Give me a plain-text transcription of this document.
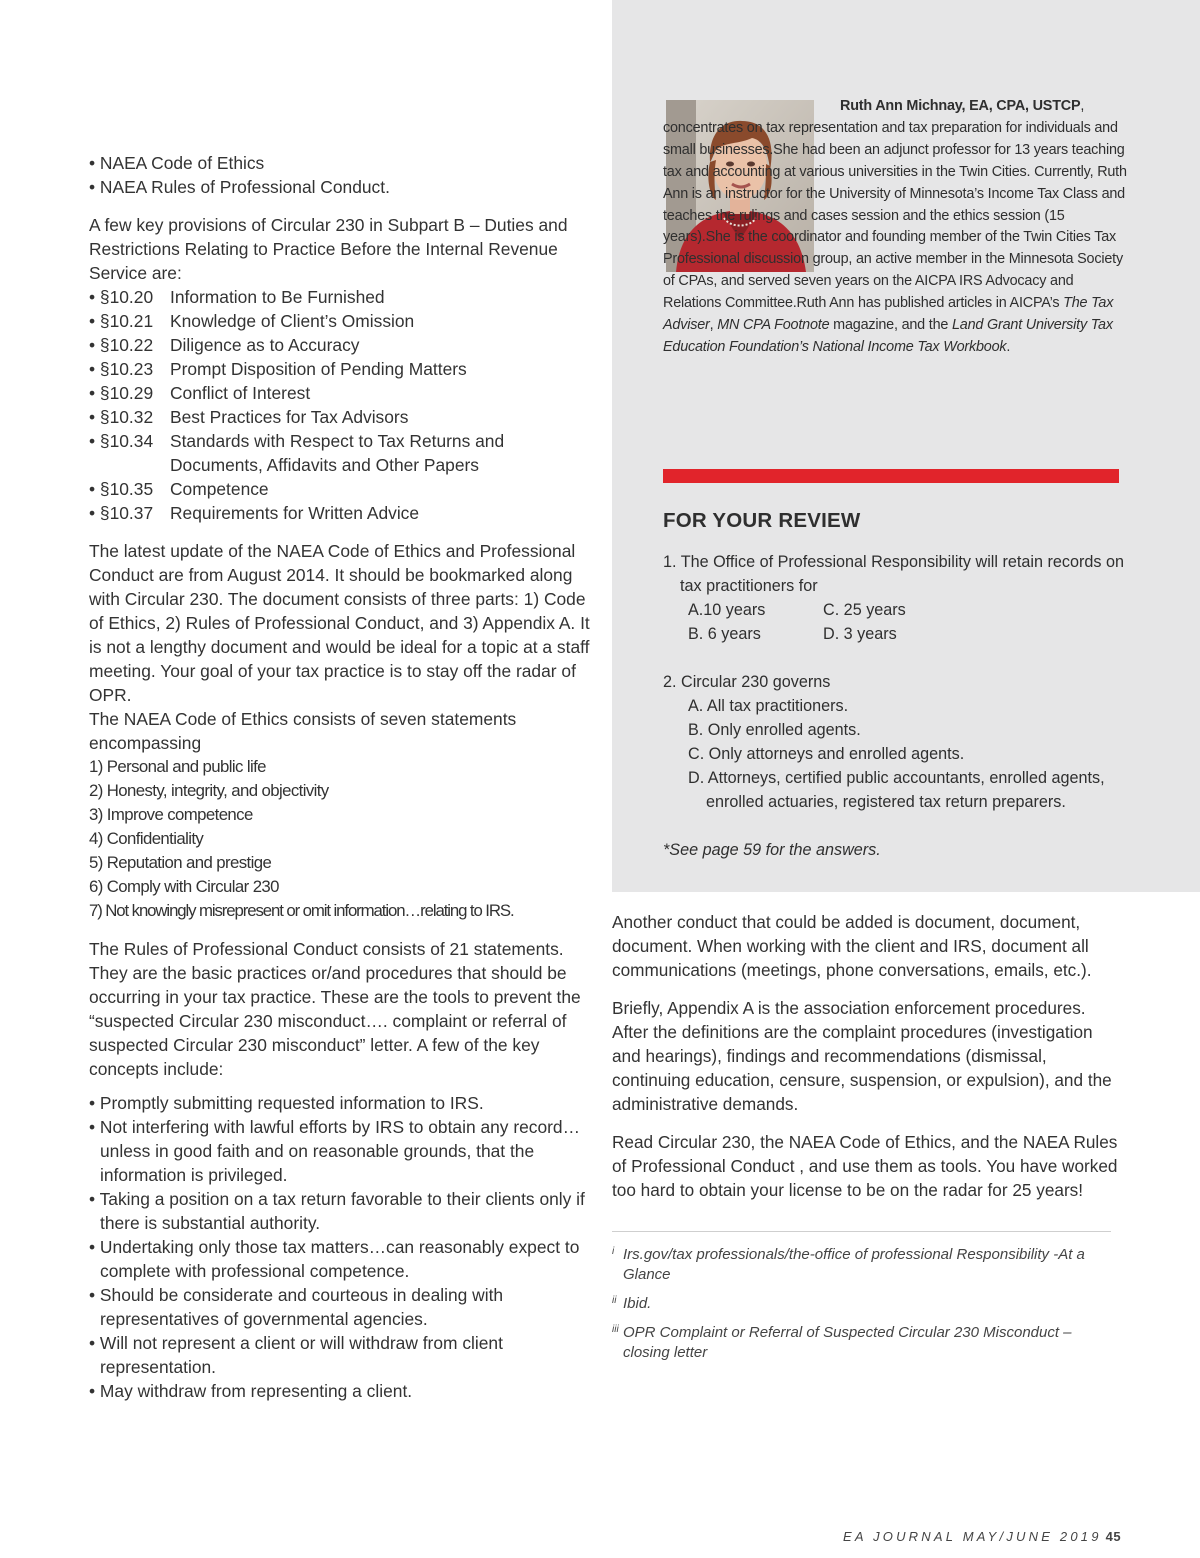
• NAEA Code of Ethics

• NAEA Rules of Professional Conduct.

A few key provisions of Circular 230 in Subpart B – Duties and Restrictions Relating to Practice Before the Internal Revenue Service are:

• §10.20 Information to Be Furnished
• §10.21 Knowledge of Client’s Omission
• §10.22 Diligence as to Accuracy
• §10.23 Prompt Disposition of Pending Matters
• §10.29 Conflict of Interest
• §10.32 Best Practices for Tax Advisors
• §10.34 Standards with Respect to Tax Returns and Documents, Affidavits and Other Papers
• §10.35 Competence
• §10.37 Requirements for Written Advice

The latest update of the NAEA Code of Ethics and Professional Conduct are from August 2014. It should be bookmarked along with Circular 230. The document consists of three parts: 1) Code of Ethics, 2) Rules of Professional Conduct, and 3) Appendix A. It is not a lengthy document and would be ideal for a topic at a staff meeting. Your goal of your tax practice is to stay off the radar of OPR.

The NAEA Code of Ethics consists of seven statements encompassing

1) Personal and public life

2) Honesty, integrity, and objectivity

3) Improve competence

4) Confidentiality

5) Reputation and prestige

6) Comply with Circular 230

7) Not knowingly misrepresent or omit information…relating to IRS.

The Rules of Professional Conduct consists of 21 statements. They are the basic practices or/and procedures that should be occurring in your tax practice. These are the tools to prevent the “suspected Circular 230 misconduct…. complaint or referral of suspected Circular 230 misconduct” letter. A few of the key concepts include:

• Promptly submitting requested information to IRS.

• Not interfering with lawful efforts by IRS to obtain any record…unless in good faith and on reasonable grounds, that the information is privileged.

• Taking a position on a tax return favorable to their clients only if there is substantial authority.

• Undertaking only those tax matters…can reasonably expect to complete with professional competence.

• Should be considerate and courteous in dealing with representatives of governmental agencies.

• Will not represent a client or will withdraw from client representation.

• May withdraw from representing a client.

Ruth Ann Michnay, EA, CPA, USTCP, concentrates on tax representation and tax preparation for individuals and small businesses.She had been an adjunct professor for 13 years teaching tax and accounting at various universities in the Twin Cities. Currently, Ruth Ann is an instructor for the University of Minnesota’s Income Tax Class and teaches the rulings and cases session and the ethics session (15 years).She is the coordinator and founding member of the Twin Cities Tax Professional discussion group, an active member in the Minnesota Society of CPAs, and served seven years on the AICPA IRS Advocacy and Relations Committee.Ruth Ann has published articles in AICPA’s The Tax Adviser, MN CPA Footnote magazine, and the Land Grant University Tax Education Foundation’s National Income Tax Workbook.

FOR YOUR REVIEW

1. The Office of Professional Responsibility will retain records on

tax practitioners for

A.10 years	C. 25 years
B. 6 years	D. 3 years

2. Circular 230 governs

A. All tax practitioners.

B. Only enrolled agents.

C. Only attorneys and enrolled agents.

D. Attorneys, certified public accountants, enrolled agents, enrolled actuaries, registered tax return preparers.

*See page 59 for the answers.

Another conduct that could be added is document, document, document. When working with the client and IRS, document all communications (meetings, phone conversations, emails, etc.).

Briefly, Appendix A is the association enforcement procedures. After the definitions are the complaint procedures (investigation and hearings), findings and recommendations (dismissal, continuing education, censure, suspension, or expulsion), and the administrative demands.

Read Circular 230, the NAEA Code of Ethics, and the NAEA Rules of Professional Conduct , and use them as tools. You have worked too hard to obtain your license to be on the radar for 25 years!

i Irs.gov/tax professionals/the-office of professional Responsibility -At a Glance
ii Ibid.
iii OPR Complaint or Referral of Suspected Circular 230 Misconduct – closing letter
EA JOURNAL MAY/JUNE 2019 45
